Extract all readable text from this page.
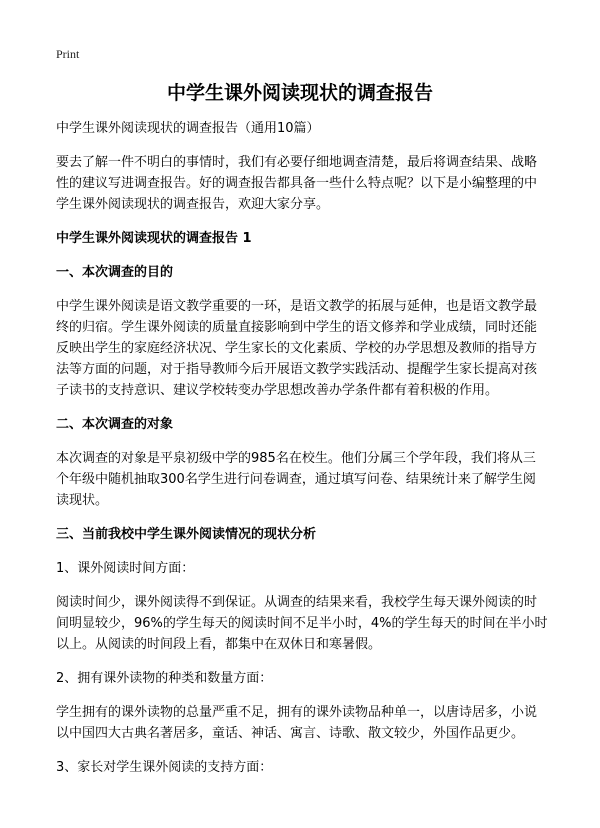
Print
中学生课外阅读现状的调查报告
中学生课外阅读现状的调查报告（通用10篇）
要去了解一件不明白的事情时，我们有必要仔细地调查清楚，最后将调查结果、战略性的建议写进调查报告。好的调查报告都具备一些什么特点呢？以下是小编整理的中学生课外阅读现状的调查报告，欢迎大家分享。
中学生课外阅读现状的调查报告 1
一、本次调查的目的
中学生课外阅读是语文教学重要的一环，是语文教学的拓展与延伸，也是语文教学最终的归宿。学生课外阅读的质量直接影响到中学生的语文修养和学业成绩，同时还能反映出学生的家庭经济状况、学生家长的文化素质、学校的办学思想及教师的指导方法等方面的问题，对于指导教师今后开展语文教学实践活动、提醒学生家长提高对孩子读书的支持意识、建议学校转变办学思想改善办学条件都有着积极的作用。
二、本次调查的对象
本次调查的对象是平泉初级中学的985名在校生。他们分属三个学年段，我们将从三个年级中随机抽取300名学生进行问卷调查，通过填写问卷、结果统计来了解学生阅读现状。
三、当前我校中学生课外阅读情况的现状分析
1、课外阅读时间方面：
阅读时间少，课外阅读得不到保证。从调查的结果来看，我校学生每天课外阅读的时间明显较少，96%的学生每天的阅读时间不足半小时，4%的学生每天的时间在半小时以上。从阅读的时间段上看，都集中在双休日和寒暑假。
2、拥有课外读物的种类和数量方面：
学生拥有的课外读物的总量严重不足，拥有的课外读物品种单一，以唐诗居多，小说以中国四大古典名著居多，童话、神话、寓言、诗歌、散文较少，外国作品更少。
3、家长对学生课外阅读的支持方面：
